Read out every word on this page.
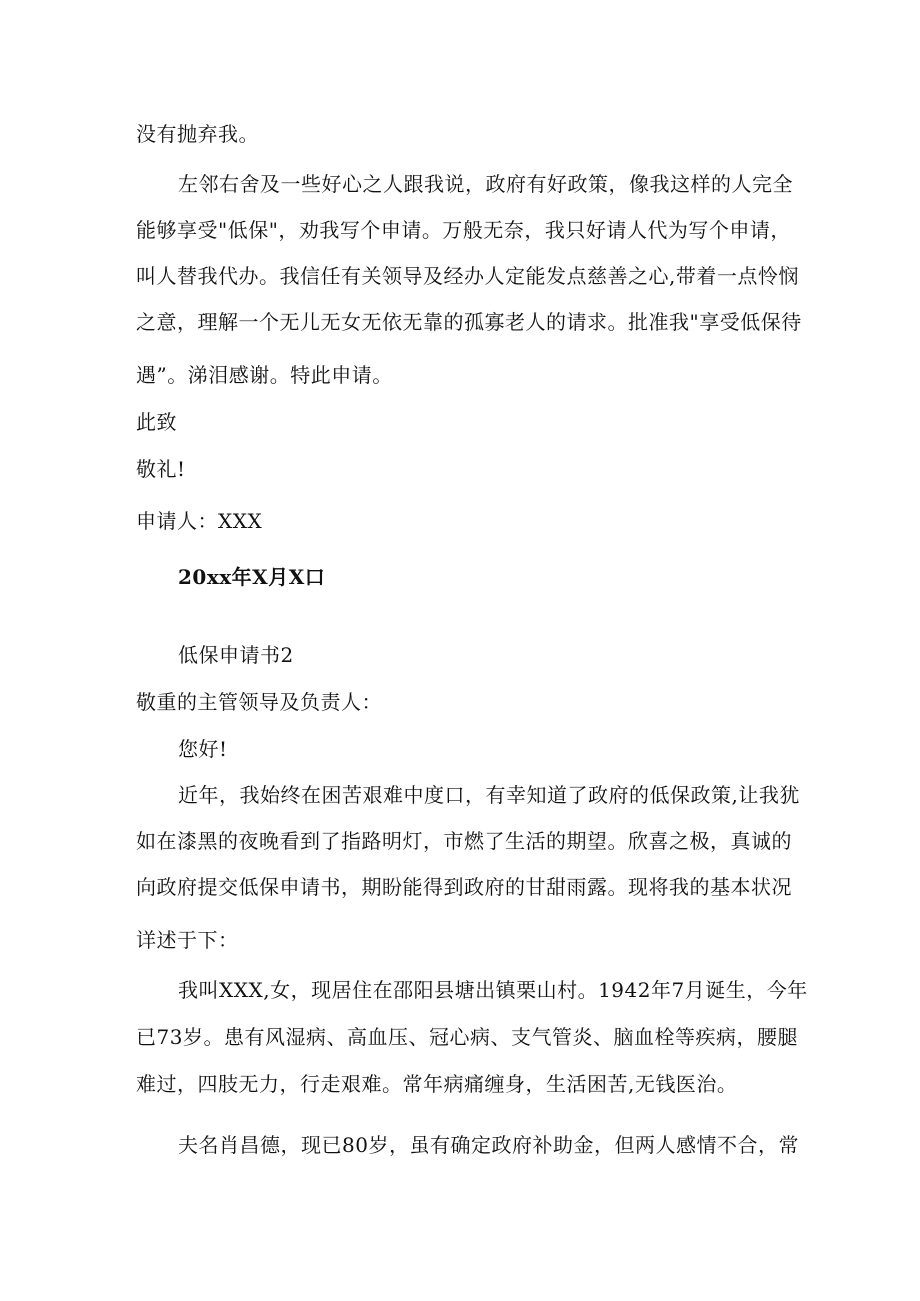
没有抛弃我。

左邻右舍及一些好心之人跟我说，政府有好政策，像我这样的人完全

能够享受"低保"，劝我写个申请。万般无奈，我只好请人代为写个申请，

叫人替我代办。我信任有关领导及经办人定能发点慈善之心,带着一点怜悯

之意，理解一个无儿无女无依无靠的孤寡老人的请求。批准我"享受低保待

遇”。涕泪感谢。特此申请。

此致

敬礼!

申请人：XXX

20xx年X月X口

低保申请书2

敬重的主管领导及负责人：

您好!

近年，我始终在困苦艰难中度口，有幸知道了政府的低保政策,让我犹

如在漆黑的夜晚看到了指路明灯，市燃了生活的期望。欣喜之极，真诚的

向政府提交低保申请书，期盼能得到政府的甘甜雨露。现将我的基本状况

详述于下：

我叫XXX,女，现居住在邵阳县塘出镇栗山村。1942年7月诞生，今年

已73岁。患有风湿病、高血压、冠心病、支气管炎、脑血栓等疾病，腰腿

难过，四肢无力，行走艰难。常年病痛缠身，生活困苦,无钱医治。

夫名肖昌德，现已80岁，虽有确定政府补助金，但两人感情不合，常
